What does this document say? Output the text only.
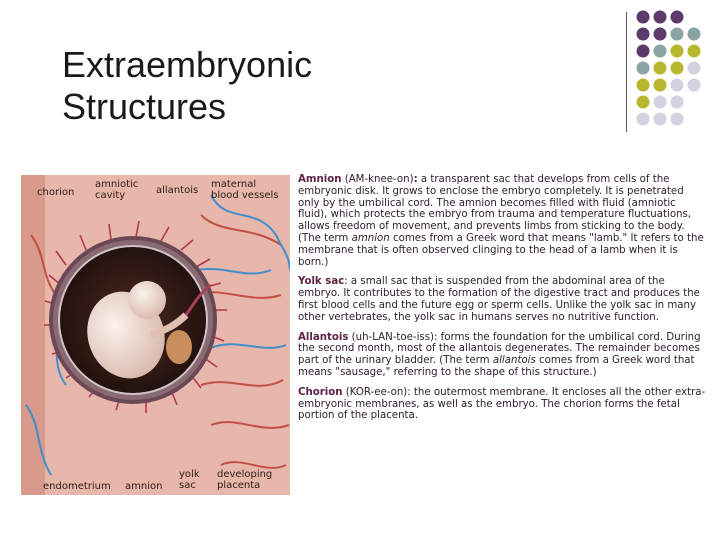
Extraembryonic
Structures
chorion
amniotic
cavity	allantois
maternal
blood vessels
endometrium amnion
yolk
sac
developing
placenta

Amnion (AM-knee-on): a transparent sac that develops from cells of the embryonic disk. It grows to enclose the embryo completely. It is penetrated only by the umbilical cord. The amnion becomes filled with fluid (amniotic fluid), which protects the embryo from trauma and temperature fluctuations, allows freedom of movement, and prevents limbs from sticking to the body. (The term amnion comes from a Greek word that means "lamb." It refers to the membrane that is often observed clinging to the head of a lamb when it is born.)

Yolk sac: a small sac that is suspended from the abdominal area of the embryo. It contributes to the formation of the digestive tract and produces the first blood cells and the future egg or sperm cells. Unlike the yolk sac in many other vertebrates, the yolk sac in humans serves no nutritive function.

Allantois (uh-LAN-toe-iss): forms the foundation for the umbilical cord. During the second month, most of the allantois degenerates. The remainder becomes part of the urinary bladder. (The term allantois comes from a Greek word that means "sausage," referring to the shape of this structure.)

Chorion (KOR-ee-on): the outermost membrane. It encloses all the other extra-embryonic membranes, as well as the embryo. The chorion forms the fetal portion of the placenta.
